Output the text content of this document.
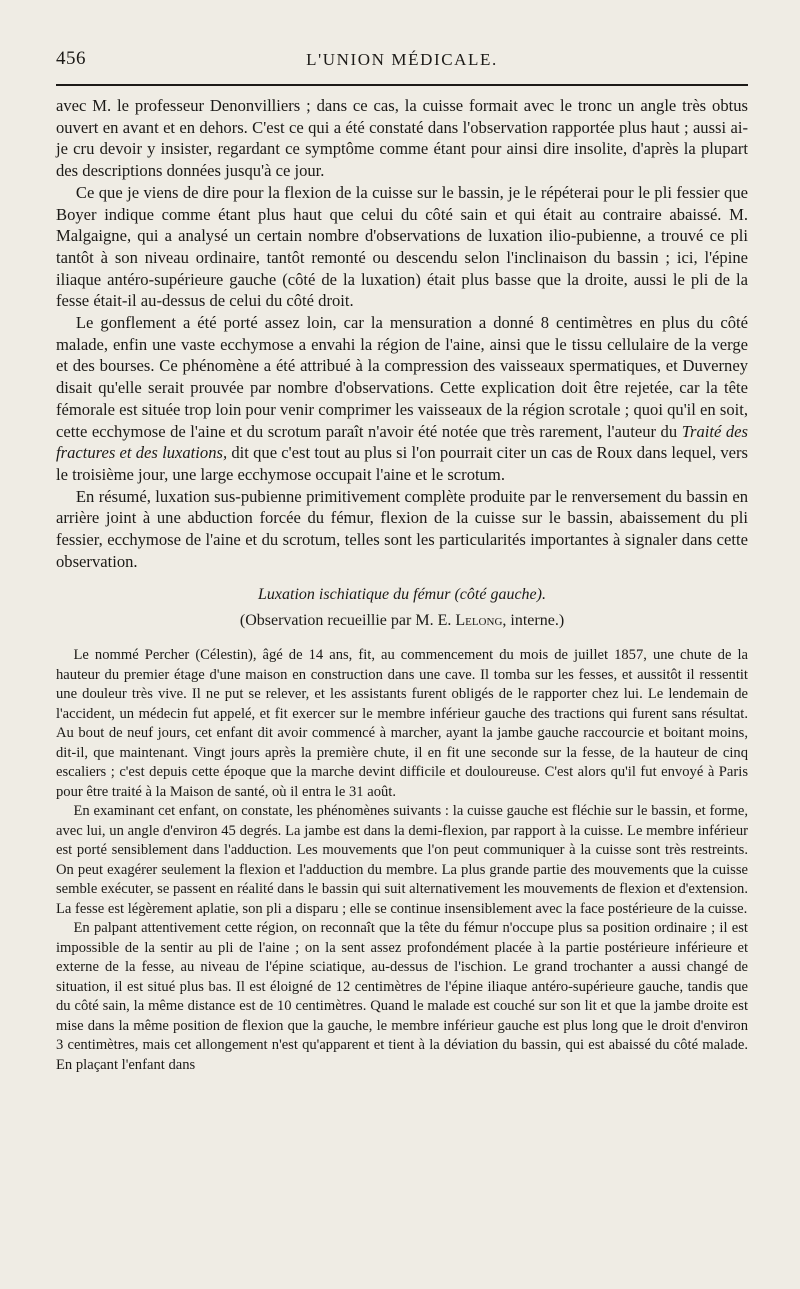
456	L'UNION MÉDICALE.

avec M. le professeur Denonvilliers ; dans ce cas, la cuisse formait avec le tronc un angle très obtus ouvert en avant et en dehors. C'est ce qui a été constaté dans l'observation rapportée plus haut ; aussi ai-je cru devoir y insister, regardant ce symptôme comme étant pour ainsi dire insolite, d'après la plupart des descriptions données jusqu'à ce jour.

Ce que je viens de dire pour la flexion de la cuisse sur le bassin, je le répéterai pour le pli fessier que Boyer indique comme étant plus haut que celui du côté sain et qui était au contraire abaissé. M. Malgaigne, qui a analysé un certain nombre d'observations de luxation ilio-pubienne, a trouvé ce pli tantôt à son niveau ordinaire, tantôt remonté ou descendu selon l'inclinaison du bassin ; ici, l'épine iliaque antéro-supérieure gauche (côté de la luxation) était plus basse que la droite, aussi le pli de la fesse était-il au-dessus de celui du côté droit.

Le gonflement a été porté assez loin, car la mensuration a donné 8 centimètres en plus du côté malade, enfin une vaste ecchymose a envahi la région de l'aine, ainsi que le tissu cellulaire de la verge et des bourses. Ce phénomène a été attribué à la compression des vaisseaux spermatiques, et Duverney disait qu'elle serait prouvée par nombre d'observations. Cette explication doit être rejetée, car la tête fémorale est située trop loin pour venir comprimer les vaisseaux de la région scrotale ; quoi qu'il en soit, cette ecchymose de l'aine et du scrotum paraît n'avoir été notée que très rarement, l'auteur du Traité des fractures et des luxations, dit que c'est tout au plus si l'on pourrait citer un cas de Roux dans lequel, vers le troisième jour, une large ecchymose occupait l'aine et le scrotum.

En résumé, luxation sus-pubienne primitivement complète produite par le renversement du bassin en arrière joint à une abduction forcée du fémur, flexion de la cuisse sur le bassin, abaissement du pli fessier, ecchymose de l'aine et du scrotum, telles sont les particularités importantes à signaler dans cette observation.

Luxation ischiatique du fémur (côté gauche).
(Observation recueillie par M. E. Lelong, interne.)

Le nommé Percher (Célestin), âgé de 14 ans, fit, au commencement du mois de juillet 1857, une chute de la hauteur du premier étage d'une maison en construction dans une cave. Il tomba sur les fesses, et aussitôt il ressentit une douleur très vive. Il ne put se relever, et les assistants furent obligés de le rapporter chez lui. Le lendemain de l'accident, un médecin fut appelé, et fit exercer sur le membre inférieur gauche des tractions qui furent sans résultat. Au bout de neuf jours, cet enfant dit avoir commencé à marcher, ayant la jambe gauche raccourcie et boitant moins, dit-il, que maintenant. Vingt jours après la première chute, il en fit une seconde sur la fesse, de la hauteur de cinq escaliers ; c'est depuis cette époque que la marche devint difficile et douloureuse. C'est alors qu'il fut envoyé à Paris pour être traité à la Maison de santé, où il entra le 31 août.

En examinant cet enfant, on constate, les phénomènes suivants : la cuisse gauche est fléchie sur le bassin, et forme, avec lui, un angle d'environ 45 degrés. La jambe est dans la demi-flexion, par rapport à la cuisse. Le membre inférieur est porté sensiblement dans l'adduction. Les mouvements que l'on peut communiquer à la cuisse sont très restreints. On peut exagérer seulement la flexion et l'adduction du membre. La plus grande partie des mouvements que la cuisse semble exécuter, se passent en réalité dans le bassin qui suit alternativement les mouvements de flexion et d'extension. La fesse est légèrement aplatie, son pli a disparu ; elle se continue insensiblement avec la face postérieure de la cuisse.

En palpant attentivement cette région, on reconnaît que la tête du fémur n'occupe plus sa position ordinaire ; il est impossible de la sentir au pli de l'aine ; on la sent assez profondément placée à la partie postérieure inférieure et externe de la fesse, au niveau de l'épine sciatique, au-dessus de l'ischion. Le grand trochanter a aussi changé de situation, il est situé plus bas. Il est éloigné de 12 centimètres de l'épine iliaque antéro-supérieure gauche, tandis que du côté sain, la même distance est de 10 centimètres. Quand le malade est couché sur son lit et que la jambe droite est mise dans la même position de flexion que la gauche, le membre inférieur gauche est plus long que le droit d'environ 3 centimètres, mais cet allongement n'est qu'apparent et tient à la déviation du bassin, qui est abaissé du côté malade. En plaçant l'enfant dans
